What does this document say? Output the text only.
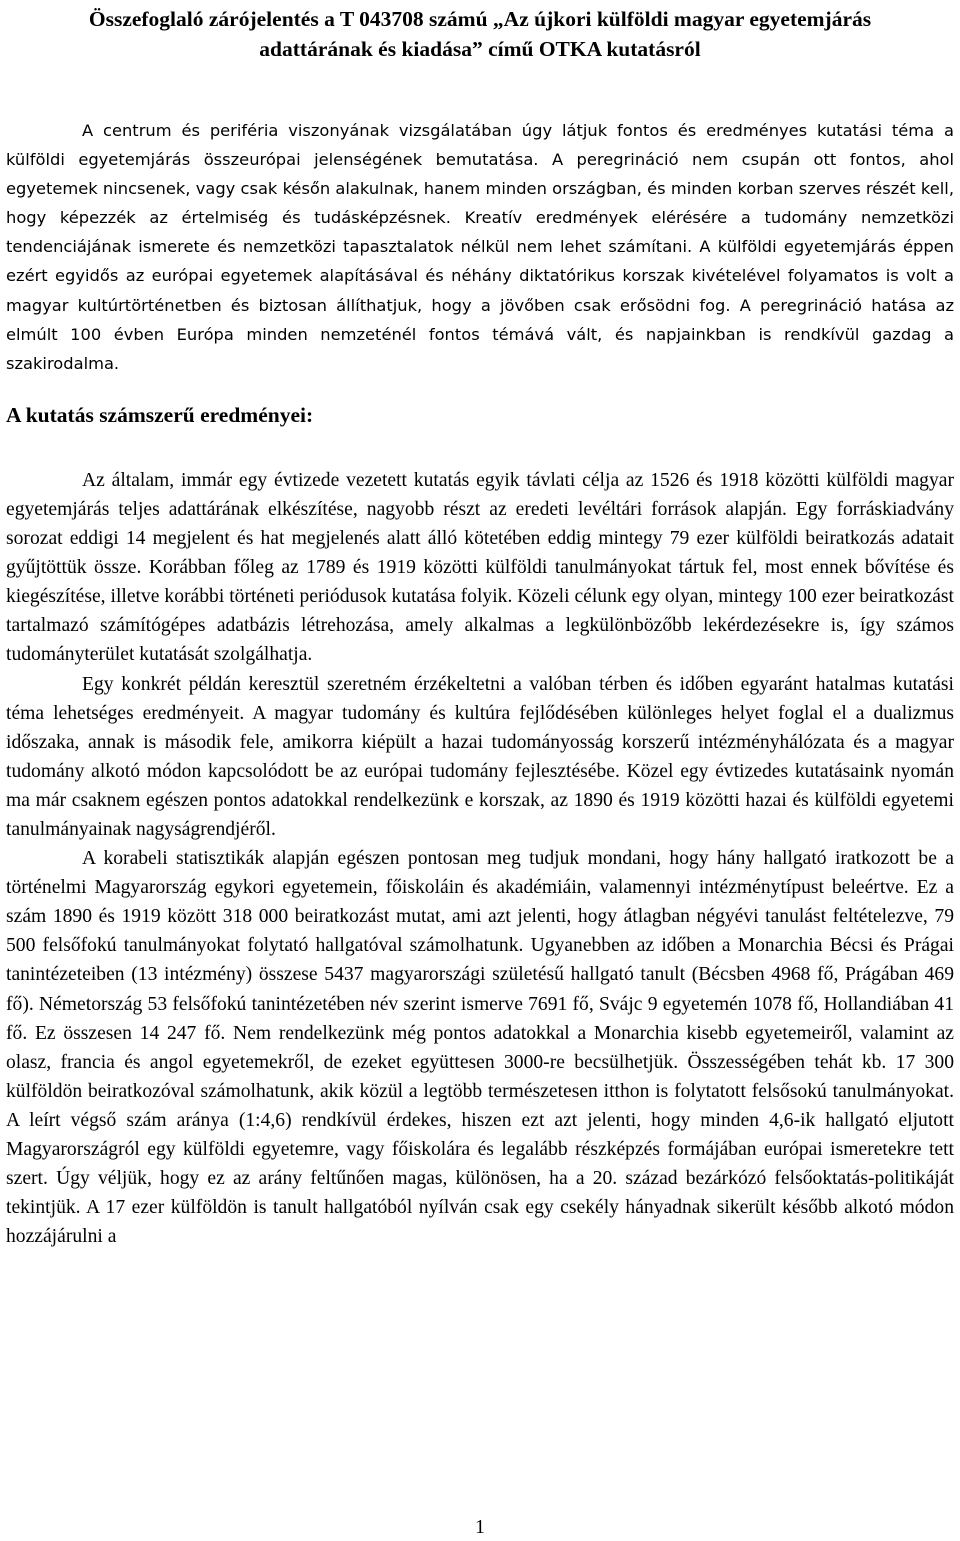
Összefoglaló zárójelentés a T 043708 számú „Az újkori külföldi magyar egyetemjárás
adattárának és kiadása” című OTKA kutatásról

A centrum és periféria viszonyának vizsgálatában úgy látjuk fontos és eredményes kutatási téma a külföldi egyetemjárás összeurópai jelenségének bemutatása. A peregrináció nem csupán ott fontos, ahol egyetemek nincsenek, vagy csak későn alakulnak, hanem minden országban, és minden korban szerves részét kell, hogy képezzék az értelmiség és tudásképzésnek. Kreatív eredmények elérésére a tudomány nemzetközi tendenciájának ismerete és nemzetközi tapasztalatok nélkül nem lehet számítani. A külföldi egyetemjárás éppen ezért egyidős az európai egyetemek alapításával és néhány diktatórikus korszak kivételével folyamatos is volt a magyar kultúrtörténetben és biztosan állíthatjuk, hogy a jövőben csak erősödni fog. A peregrináció hatása az elmúlt 100 évben Európa minden nemzeténél fontos témává vált, és napjainkban is rendkívül gazdag a szakirodalma.

A kutatás számszerű eredményei:

Az általam, immár egy évtizede vezetett kutatás egyik távlati célja az 1526 és 1918 közötti külföldi magyar egyetemjárás teljes adattárának elkészítése, nagyobb részt az eredeti levéltári források alapján. Egy forráskiadvány sorozat eddigi 14 megjelent és hat megjelenés alatt álló kötetében eddig mintegy 79 ezer külföldi beiratkozás adatait gyűjtöttük össze. Korábban főleg az 1789 és 1919 közötti külföldi tanulmányokat tártuk fel, most ennek bővítése és kiegészítése, illetve korábbi történeti periódusok kutatása folyik. Közeli célunk egy olyan, mintegy 100 ezer beiratkozást tartalmazó számítógépes adatbázis létrehozása, amely alkalmas a legkülönbözőbb lekérdezésekre is, így számos tudományterület kutatását szolgálhatja.

Egy konkrét példán keresztül szeretném érzékeltetni a valóban térben és időben egyaránt hatalmas kutatási téma lehetséges eredményeit. A magyar tudomány és kultúra fejlődésében különleges helyet foglal el a dualizmus időszaka, annak is második fele, amikorra kiépült a hazai tudományosság korszerű intézményhálózata és a magyar tudomány alkotó módon kapcsolódott be az európai tudomány fejlesztésébe. Közel egy évtizedes kutatásaink nyomán ma már csaknem egészen pontos adatokkal rendelkezünk e korszak, az 1890 és 1919 közötti hazai és külföldi egyetemi tanulmányainak nagyságrendjéről.

A korabeli statisztikák alapján egészen pontosan meg tudjuk mondani, hogy hány hallgató iratkozott be a történelmi Magyarország egykori egyetemein, főiskoláin és akadémiáin, valamennyi intézménytípust beleértve. Ez a szám 1890 és 1919 között 318 000 beiratkozást mutat, ami azt jelenti, hogy átlagban négyévi tanulást feltételezve, 79 500 felsőfokú tanulmányokat folytató hallgatóval számolhatunk. Ugyanebben az időben a Monarchia Bécsi és Prágai tanintézeteiben (13 intézmény) összese 5437 magyarországi születésű hallgató tanult (Bécsben 4968 fő, Prágában 469 fő). Németország 53 felsőfokú tanintézetében név szerint ismerve 7691 fő, Svájc 9 egyetemén 1078 fő, Hollandiában 41 fő. Ez összesen 14 247 fő. Nem rendelkezünk még pontos adatokkal a Monarchia kisebb egyetemeiről, valamint az olasz, francia és angol egyetemekről, de ezeket együttesen 3000-re becsülhetjük. Összességében tehát kb. 17 300 külföldön beiratkozóval számolhatunk, akik közül a legtöbb természetesen itthon is folytatott felsősokú tanulmányokat. A leírt végső szám aránya (1:4,6) rendkívül érdekes, hiszen ezt azt jelenti, hogy minden 4,6-ik hallgató eljutott Magyarországról egy külföldi egyetemre, vagy főiskolára és legalább részképzés formájában európai ismeretekre tett szert. Úgy véljük, hogy ez az arány feltűnően magas, különösen, ha a 20. század bezárkózó felsőoktatás-politikáját tekintjük. A 17 ezer külföldön is tanult hallgatóból nyílván csak egy csekély hányadnak sikerült később alkotó módon hozzájárulni a

1
